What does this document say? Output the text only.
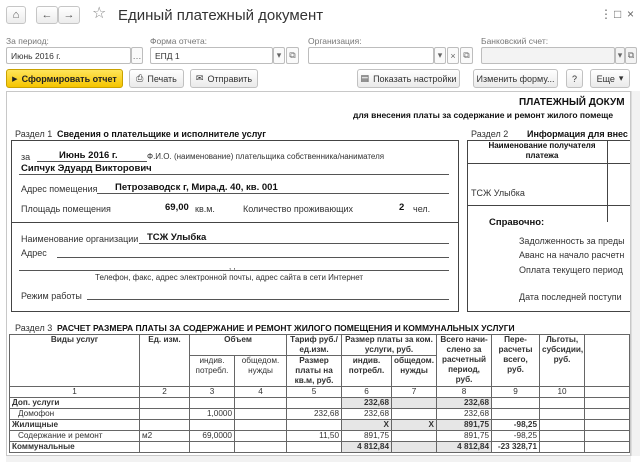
⌂ ← → ☆ Единый платежный документ	⋮ □ ×
За период:
Июнь 2016 г.	…
Форма отчета:
ЕПД 1	▾ ⧉
Организация:
▾ × ⧉
Банковский счет:
▾ ⧉
▶ Сформировать отчет ⎙ Печать ✉ Отправить	▤ Показать настройки Изменить форму... ? Еще ▾
ПЛАТЕЖНЫЙ ДОКУМ
для внесения платы за содержание и ремонт жилого помеще
Раздел 1 Сведения о плательщике и исполнителе услуг
за	Июнь 2016 г.	Ф.И.О. (наименование) плательщика собственника/нанимателя
Сипчук Эдуард Викторович
Адрес помещения Петрозаводск г, Мира,д. 40, кв. 001
Площадь помещения	69,00 кв.м.	Количество проживающих	2 чел.
Наименование организации ТСЖ Улыбка
Адрес
, ,
Телефон, факс, адрес электронной почты, адрес сайта в сети Интернет
Режим работы
Раздел 2 Информация для внес
Наименование получателя платежа
ТСЖ Улыбка
Справочно:
Задолженность за преды
Аванс на начало расчетн
Оплата текущего период
Дата последней поступи
Раздел 3 РАСЧЕТ РАЗМЕРА ПЛАТЫ ЗА СОДЕРЖАНИЕ И РЕМОНТ ЖИЛОГО ПОМЕЩЕНИЯ И КОММУНАЛЬНЫХ УСЛУГИ
Виды услуг	Ед. изм.	Объем		Тариф руб./ед.изм.	Размер платы за ком. услуги, руб.		Всего начи-слено за расчетный период, руб.	Пере-расчеты всего, руб.	Льготы, субсидии, руб.	
		индив. потребл.	общедом. нужды	Размер платы на кв.м, руб.	индив. потребл.	общедом. нужды				
1	2	3	4	5	6	7	8	9	10	
Доп. услуги					232,68		232,68			
Домофон		1,0000		232,68	232,68		232,68			
Жилищные					X	X	891,75	-98,25		
Содержание и ремонт	м2	69,0000		11,50	891,75		891,75	-98,25		
Коммунальные					4 812,84		4 812,84	-23 328,71		
